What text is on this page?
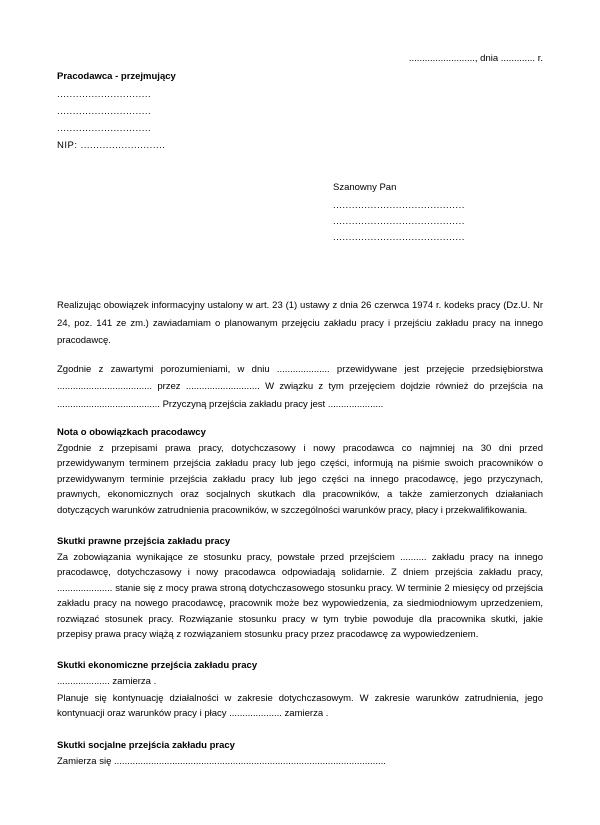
........................., dnia ............. r.
Pracodawca - przejmujący
..............................
..............................
..............................
NIP: ...........................
Szanowny Pan
..........................................
..........................................
..........................................
Realizując obowiązek informacyjny ustalony w art. 23 (1) ustawy z dnia 26 czerwca 1974 r. kodeks pracy (Dz.U. Nr 24, poz. 141 ze zm.) zawiadamiam o planowanym przejęciu zakładu pracy i przejściu zakładu pracy na innego pracodawcę.
Zgodnie z zawartymi porozumieniami, w dniu .................... przewidywane jest przejęcie przedsiębiorstwa .................................... przez ............................ W związku z tym przejęciem dojdzie również do przejścia na ....................................... Przyczyną przejścia zakładu pracy jest .....................
Nota o obowiązkach pracodawcy
Zgodnie z przepisami prawa pracy, dotychczasowy i nowy pracodawca co najmniej na 30 dni przed przewidywanym terminem przejścia zakładu pracy lub jego części, informują na piśmie swoich pracowników o przewidywanym terminie przejścia zakładu pracy lub jego części na innego pracodawcę, jego przyczynach, prawnych, ekonomicznych oraz socjalnych skutkach dla pracowników, a także zamierzonych działaniach dotyczących warunków zatrudnienia pracowników, w szczególności warunków pracy, płacy i przekwalifikowania.
Skutki prawne przejścia zakładu pracy
Za zobowiązania wynikające ze stosunku pracy, powstałe przed przejściem .......... zakładu pracy na innego pracodawcę, dotychczasowy i nowy pracodawca odpowiadają solidarnie. Z dniem przejścia zakładu pracy, ..................... stanie się z mocy prawa stroną dotychczasowego stosunku pracy. W terminie 2 miesięcy od przejścia zakładu pracy na nowego pracodawcę, pracownik może bez wypowiedzenia, za siedmiodniowym uprzedzeniem, rozwiązać stosunek pracy. Rozwiązanie stosunku pracy w tym trybie powoduje dla pracownika skutki, jakie przepisy prawa pracy wiążą z rozwiązaniem stosunku pracy przez pracodawcę za wypowiedzeniem.
Skutki ekonomiczne przejścia zakładu pracy
.................... zamierza .
Planuje się kontynuację działalności w zakresie dotychczasowym. W zakresie warunków zatrudnienia, jego kontynuacji oraz warunków pracy i płacy .................... zamierza .
Skutki socjalne przejścia zakładu pracy
Zamierza się .......................................................................................................
